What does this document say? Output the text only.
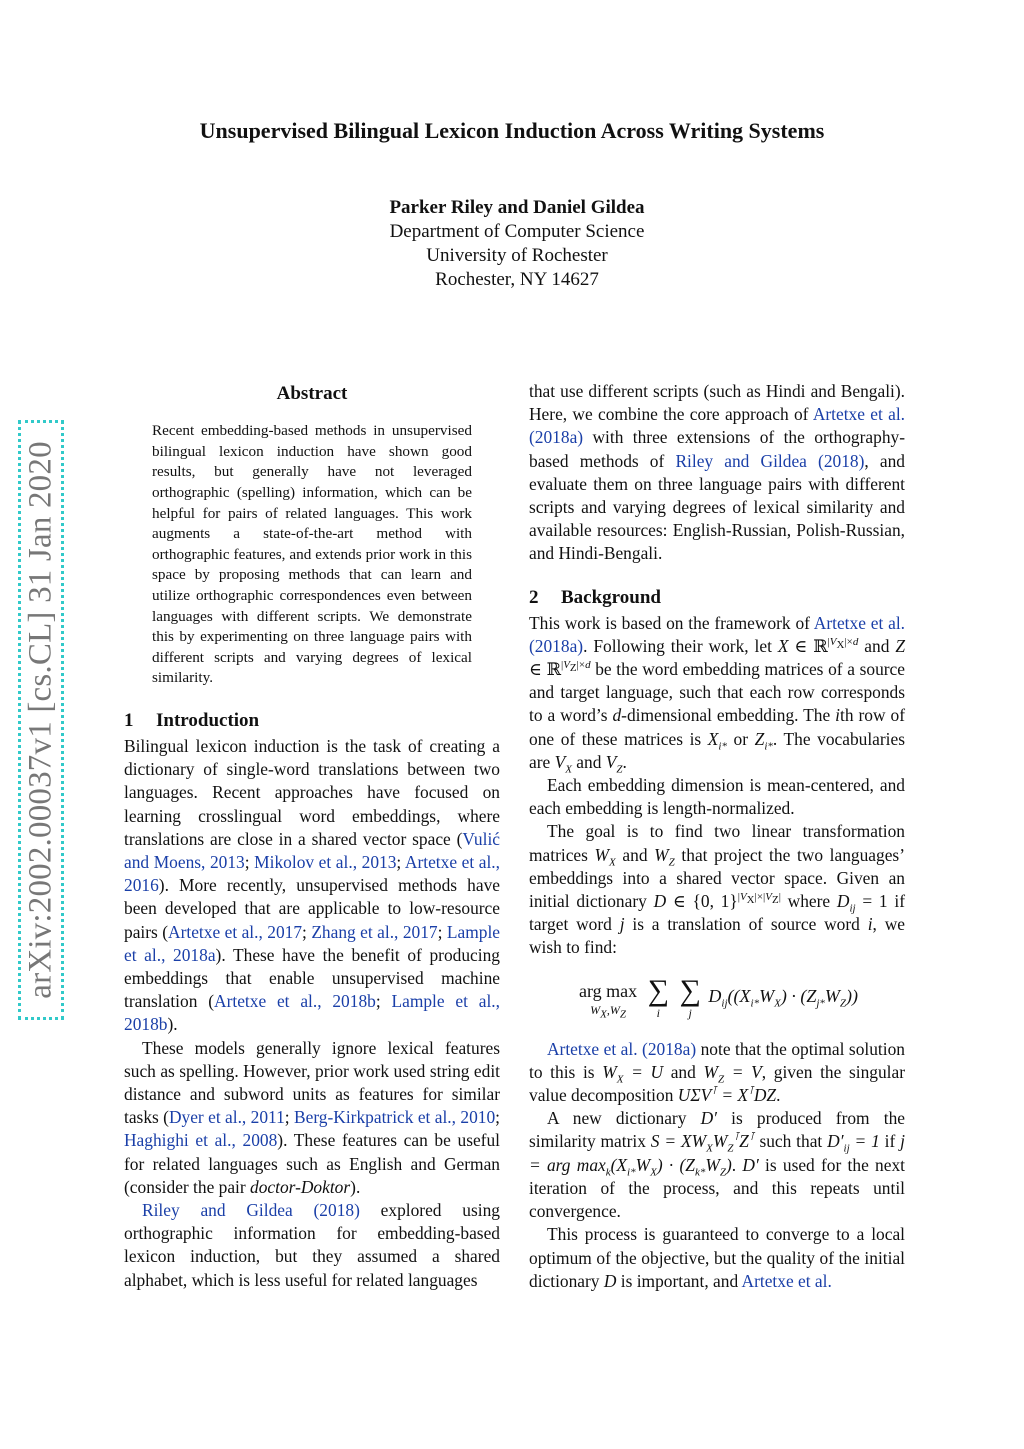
arXiv:2002.00037v1 [cs.CL] 31 Jan 2020
Unsupervised Bilingual Lexicon Induction Across Writing Systems
Parker Riley and Daniel Gildea
Department of Computer Science
University of Rochester
Rochester, NY 14627
Abstract

Recent embedding-based methods in unsupervised bilingual lexicon induction have shown good results, but generally have not leveraged orthographic (spelling) information, which can be helpful for pairs of related languages. This work augments a state-of-the-art method with orthographic features, and extends prior work in this space by proposing methods that can learn and utilize orthographic correspondences even between languages with different scripts. We demonstrate this by experimenting on three language pairs with different scripts and varying degrees of lexical similarity.

1 Introduction

Bilingual lexicon induction is the task of creating a dictionary of single-word translations between two languages. Recent approaches have focused on learning crosslingual word embeddings, where translations are close in a shared vector space (Vulić and Moens, 2013; Mikolov et al., 2013; Artetxe et al., 2016). More recently, unsupervised methods have been developed that are applicable to low-resource pairs (Artetxe et al., 2017; Zhang et al., 2017; Lample et al., 2018a). These have the benefit of producing embeddings that enable unsupervised machine translation (Artetxe et al., 2018b; Lample et al., 2018b).

These models generally ignore lexical features such as spelling. However, prior work used string edit distance and subword units as features for similar tasks (Dyer et al., 2011; Berg-Kirkpatrick et al., 2010; Haghighi et al., 2008). These features can be useful for related languages such as English and German (consider the pair doctor-Doktor).

Riley and Gildea (2018) explored using orthographic information for embedding-based lexicon induction, but they assumed a shared alphabet, which is less useful for related languages

that use different scripts (such as Hindi and Bengali). Here, we combine the core approach of Artetxe et al. (2018a) with three extensions of the orthography-based methods of Riley and Gildea (2018), and evaluate them on three language pairs with different scripts and varying degrees of lexical similarity and available resources: English-Russian, Polish-Russian, and Hindi-Bengali.

2 Background

This work is based on the framework of Artetxe et al. (2018a). Following their work, let X ∈ ℝ$^{|V_X|\times d}$ and Z ∈ ℝ$^{|V_Z|\times d}$ be the word embedding matrices of a source and target language, such that each row corresponds to a word’s d-dimensional embedding. The ith row of one of these matrices is $X_{i*}$ or $Z_{i*}$. The vocabularies are $V_X$ and $V_Z$.

Each embedding dimension is mean-centered, and each embedding is length-normalized.

The goal is to find two linear transformation matrices $W_X$ and $W_Z$ that project the two languages’ embeddings into a shared vector space. Given an initial dictionary D ∈ {0, 1}$^{|V_X|\times|V_Z|}$ where $D_{ij} = 1$ if target word j is a translation of source word i, we wish to find:

arg max
$W_X,W_Z$

∑
i

∑
j
$D_{ij}((X_{i*}W_X) \cdot (Z_{j*}W_Z))$

Artetxe et al. (2018a) note that the optimal solution to this is $W_X = U$ and $W_Z = V$, given the singular value decomposition UΣV⊺ = X⊺DZ.

A new dictionary D′ is produced from the similarity matrix $S = XW_XW_Z^⊺Z^⊺$ such that $D'_{ij} = 1$ if j = arg $\max_k(X_{i*}W_X) \cdot (Z_{k*}W_Z)$. D′ is used for the next iteration of the process, and this repeats until convergence.

This process is guaranteed to converge to a local optimum of the objective, but the quality of the initial dictionary D is important, and Artetxe et al.
